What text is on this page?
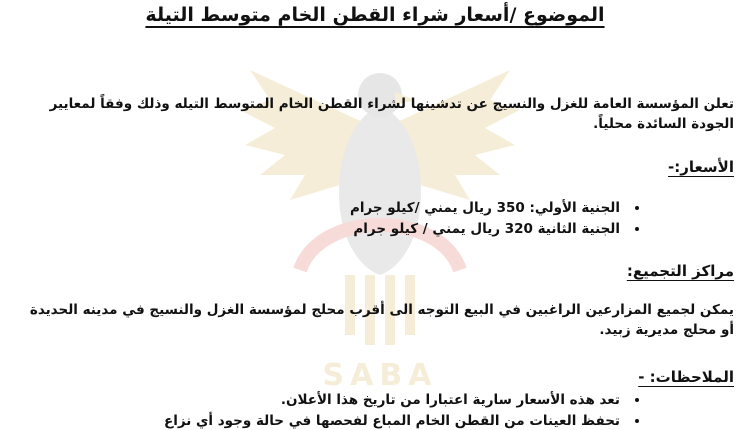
SABA
الموضوع /أسعار شراء القطن الخام متوسط التيلة
تعلن المؤسسة العامة للغزل والنسيج عن تدشينها لشراء القطن الخام المتوسط التيله وذلك وفقاً لمعايير الجودة السائدة محلياً.
الأسعار:-
• الجنية الأولي: 350 ريال يمني /كيلو جرام
• الجنية الثانية 320 ريال يمني / كيلو جرام
مراكز التجميع:
يمكن لجميع المزارعين الراغبين في البيع التوجه الى أقرب محلج لمؤسسة الغزل والنسيج في مدينه الحديدة أو محلج مديرية زبيد.
الملاحظات: -
• تعد هذه الأسعار سارية اعتبارا من تاريخ هذا الأعلان.
• تحفظ العينات من القطن الخام المباع لفحصها في حالة وجود أي نزاع
